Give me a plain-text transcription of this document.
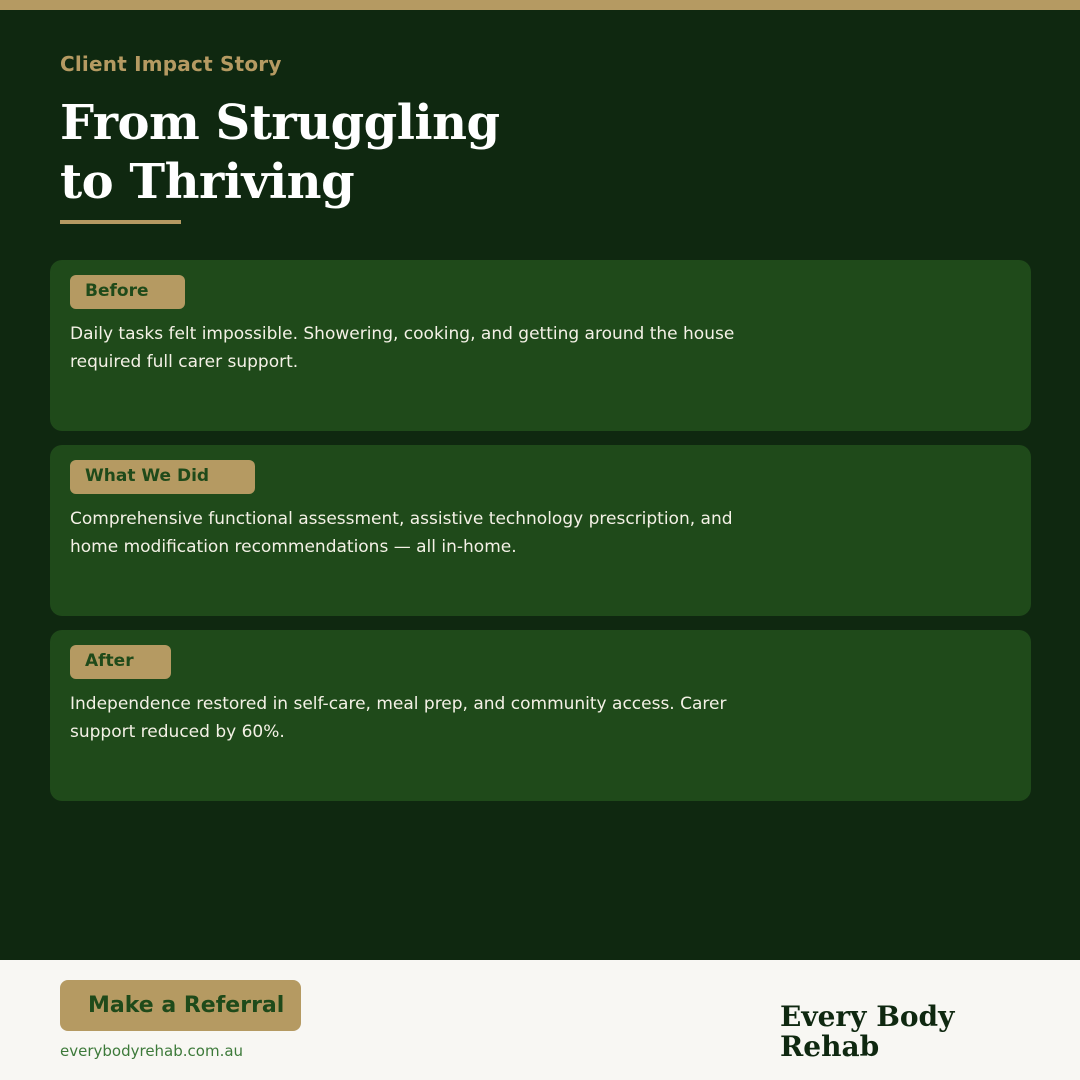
Client Impact Story
From Struggling
to Thriving
Before

Daily tasks felt impossible. Showering, cooking, and getting around the house required full carer support.

What We Did

Comprehensive functional assessment, assistive technology prescription, and home modification recommendations — all in-home.

After

Independence restored in self-care, meal prep, and community access. Carer support reduced by 60%.

Make a Referral
everybodyrehab.com.au
Every Body
Rehab
